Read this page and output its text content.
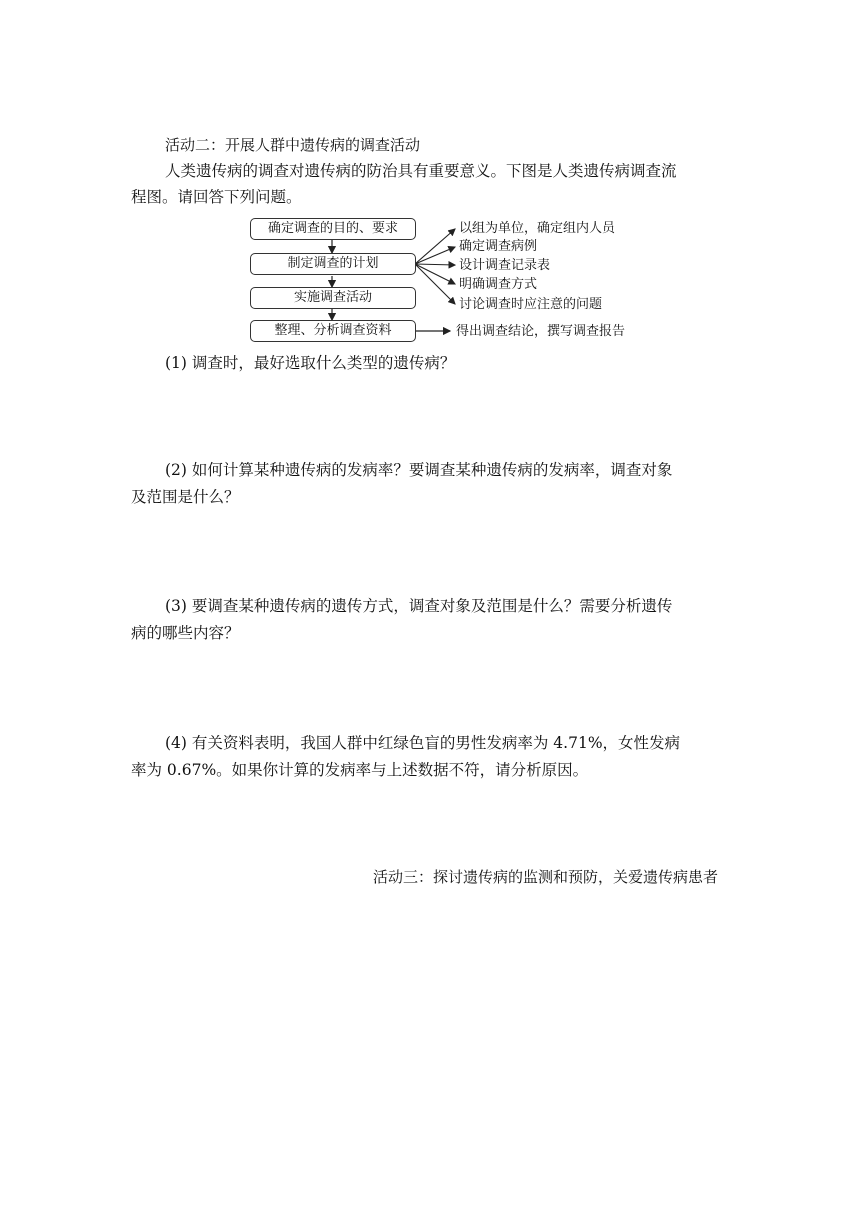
活动二：开展人群中遗传病的调查活动
人类遗传病的调查对遗传病的防治具有重要意义。下图是人类遗传病调查流
程图。请回答下列问题。
确定调查的目的、要求
制定调查的计划
实施调查活动
整理、分析调查资料
以组为单位，确定组内人员
确定调查病例
设计调查记录表
明确调查方式
讨论调查时应注意的问题
得出调查结论，撰写调查报告
(1) 调查时，最好选取什么类型的遗传病？
(2) 如何计算某种遗传病的发病率？要调查某种遗传病的发病率，调查对象
及范围是什么？
(3) 要调查某种遗传病的遗传方式，调查对象及范围是什么？需要分析遗传
病的哪些内容？
(4) 有关资料表明，我国人群中红绿色盲的男性发病率为 4.71%，女性发病
率为 0.67%。如果你计算的发病率与上述数据不符，请分析原因。
活动三：探讨遗传病的监测和预防，关爱遗传病患者
